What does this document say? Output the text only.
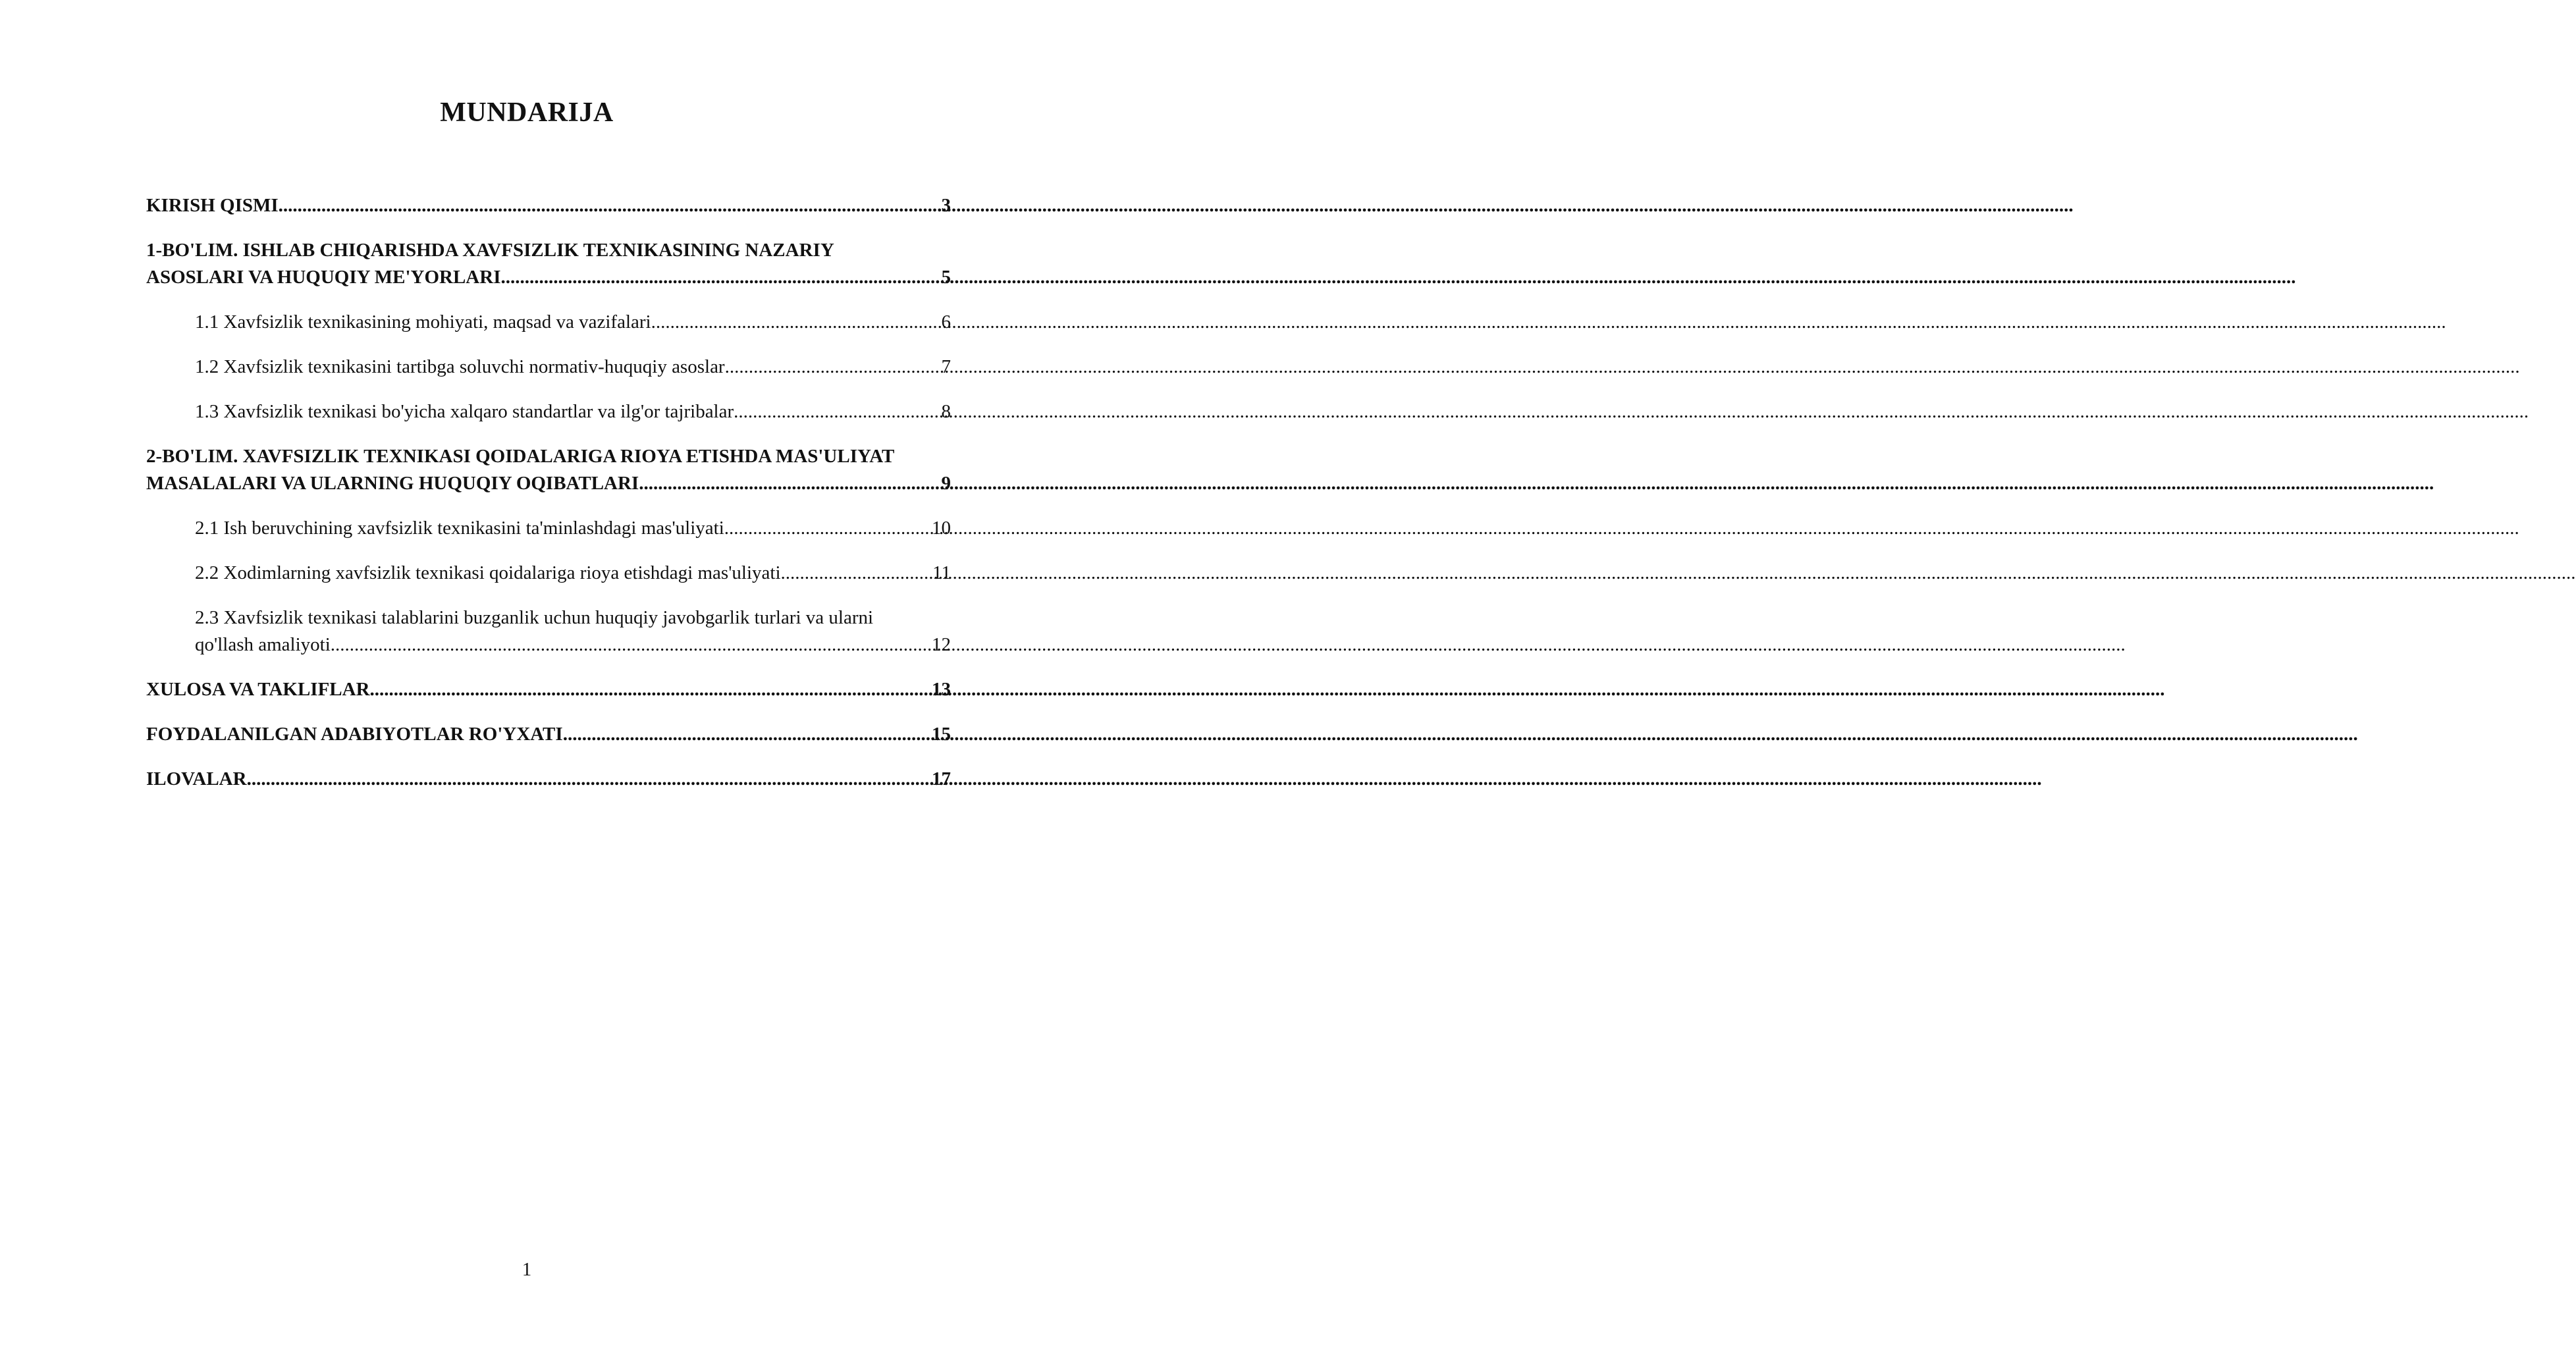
MUNDARIJA
KIRISH QISMI .....	3
1-BO'LIM. ISHLAB CHIQARISHDA XAVFSIZLIK TEXNIKASINING NAZARIY
ASOSLARI VA HUQUQIY ME'YORLARI .....	5
1.1 Xavfsizlik texnikasining mohiyati, maqsad va vazifalari .....	6
1.2 Xavfsizlik texnikasini tartibga soluvchi normativ-huquqiy asoslar .....	7
1.3 Xavfsizlik texnikasi bo'yicha xalqaro standartlar va ilg'or tajribalar .....	8
2-BO'LIM. XAVFSIZLIK TEXNIKASI QOIDALARIGA RIOYA ETISHDA MAS'ULIYAT
MASALALARI VA ULARNING HUQUQIY OQIBATLARI .....	9
2.1 Ish beruvchining xavfsizlik texnikasini ta'minlashdagi mas'uliyati .....	10
2.2 Xodimlarning xavfsizlik texnikasi qoidalariga rioya etishdagi mas'uliyati .....	11
2.3 Xavfsizlik texnikasi talablarini buzganlik uchun huquqiy javobgarlik turlari va ularni
qo'llash amaliyoti .....	12
XULOSA VA TAKLIFLAR .....	13
FOYDALANILGAN ADABIYOTLAR RO'YXATI .....	15
ILOVALAR .....	17
1
